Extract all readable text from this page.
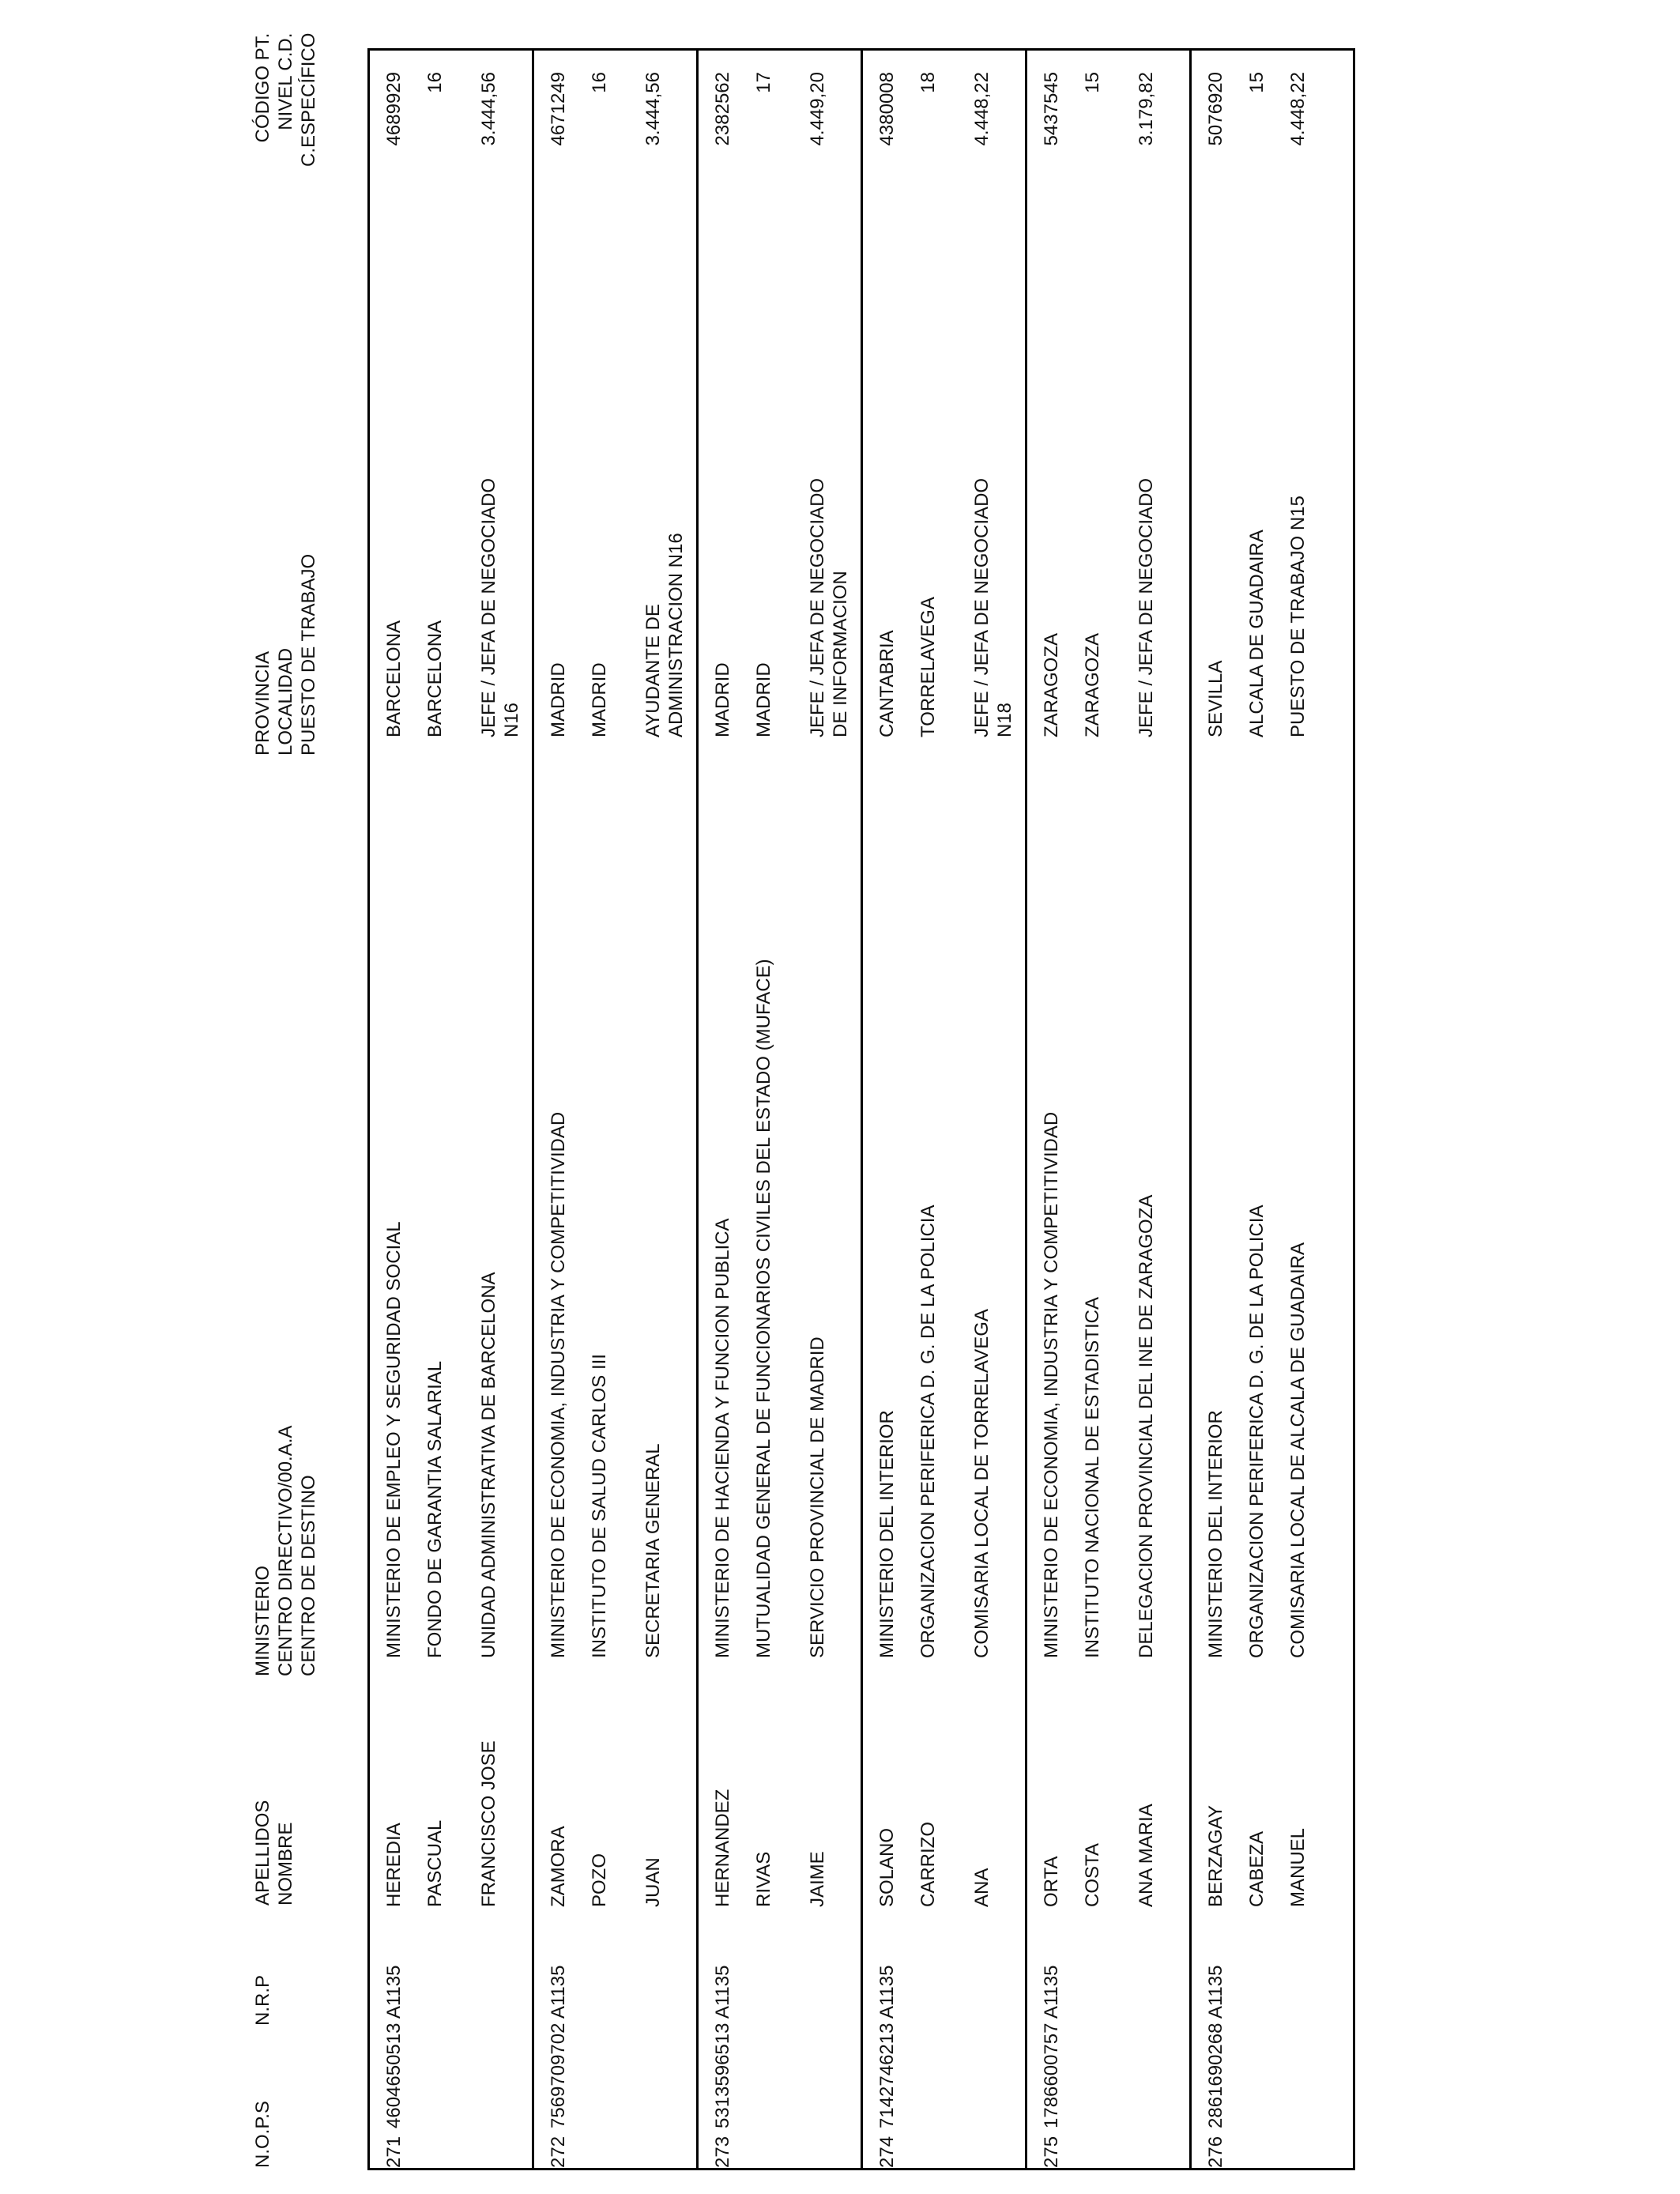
N.O.P.S
N.R.P
APELLIDOS NOMBRE
MINISTERIO CENTRO DIRECTIVO/00.A.A CENTRO DE DESTINO
PROVINCIA LOCALIDAD PUESTO DE TRABAJO
CÓDIGO PT. NIVEL C.D. C.ESPECÍFICO
271
4604650513 A1135
HEREDIA PASCUAL FRANCISCO JOSE
MINISTERIO DE EMPLEO Y SEGURIDAD SOCIAL FONDO DE GARANTIA SALARIAL UNIDAD ADMINISTRATIVA DE BARCELONA
BARCELONA BARCELONA JEFE / JEFA DE NEGOCIADO N16
4689929 16 3.444,56
272
7569709702 A1135
ZAMORA POZO JUAN
MINISTERIO DE ECONOMIA, INDUSTRIA Y COMPETITIVIDAD INSTITUTO DE SALUD CARLOS III SECRETARIA GENERAL
MADRID MADRID AYUDANTE DE ADMINISTRACION N16
4671249 16 3.444,56
273
5313596513 A1135
HERNANDEZ RIVAS JAIME
MINISTERIO DE HACIENDA Y FUNCION PUBLICA MUTUALIDAD GENERAL DE FUNCIONARIOS CIVILES DEL ESTADO (MUFACE) SERVICIO PROVINCIAL DE MADRID
MADRID MADRID JEFE / JEFA DE NEGOCIADO DE INFORMACION
2382562 17 4.449,20
274
7142746213 A1135
SOLANO CARRIZO ANA
MINISTERIO DEL INTERIOR ORGANIZACION PERIFERICA D. G. DE LA POLICIA COMISARIA LOCAL DE TORRELAVEGA
CANTABRIA TORRELAVEGA JEFE / JEFA DE NEGOCIADO N18
4380008 18 4.448,22
275
1786600757 A1135
ORTA COSTA ANA MARIA
MINISTERIO DE ECONOMIA, INDUSTRIA Y COMPETITIVIDAD INSTITUTO NACIONAL DE ESTADISTICA DELEGACION PROVINCIAL DEL INE DE ZARAGOZA
ZARAGOZA ZARAGOZA JEFE / JEFA DE NEGOCIADO
5437545 15 3.179,82
276
2861690268 A1135
BERZAGAY CABEZA MANUEL
MINISTERIO DEL INTERIOR ORGANIZACION PERIFERICA D. G. DE LA POLICIA COMISARIA LOCAL DE ALCALA DE GUADAIRA
SEVILLA ALCALA DE GUADAIRA PUESTO DE TRABAJO N15
5076920 15 4.448,22
